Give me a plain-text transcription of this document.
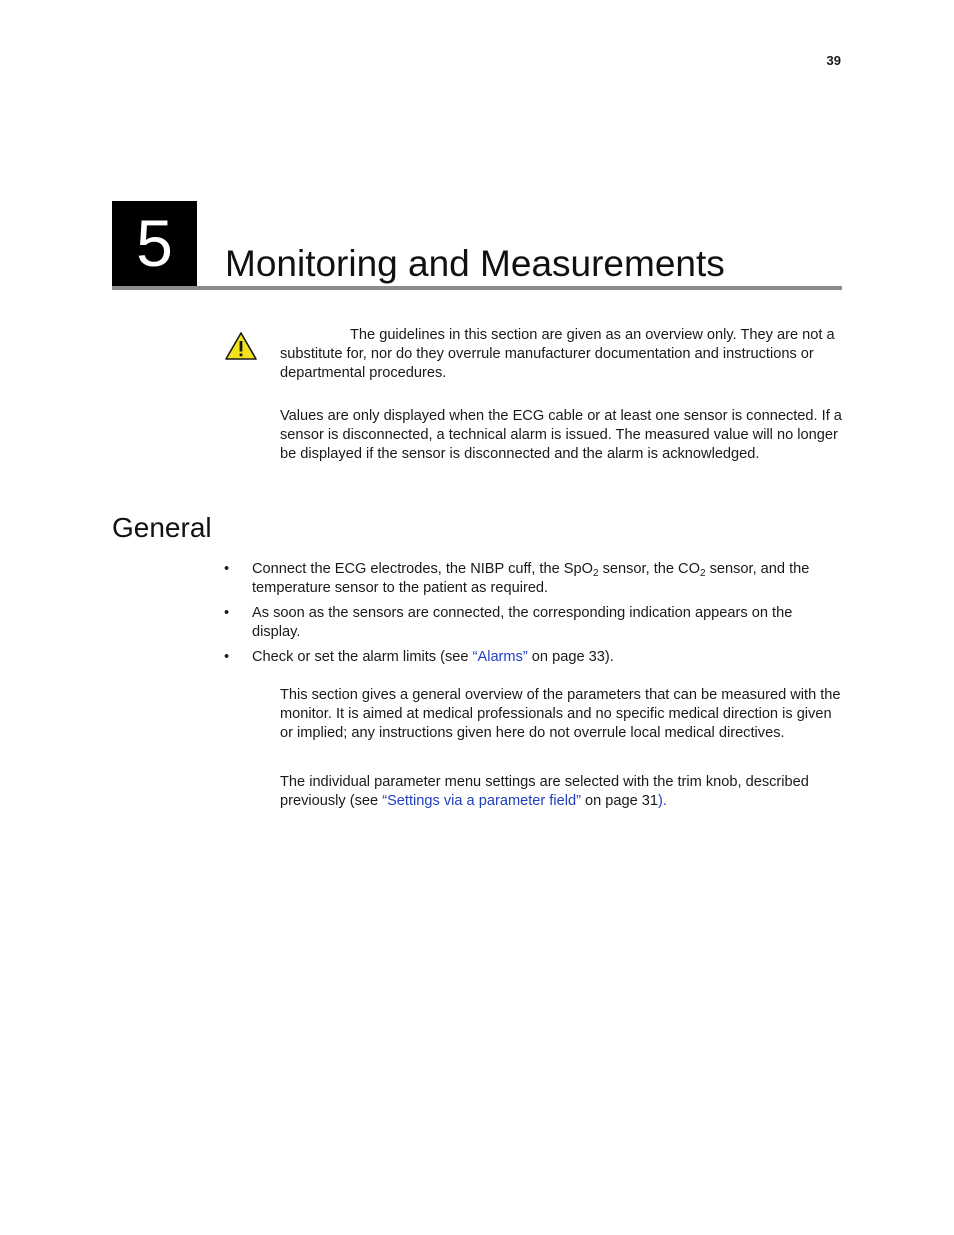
39
5	Monitoring and Measurements
The guidelines in this section are given as an overview only. They are not a substitute for, nor do they overrule manufacturer documentation and instructions or departmental procedures.
Values are only displayed when the ECG cable or at least one sensor is connected. If a sensor is disconnected, a technical alarm is issued. The measured value will no longer be displayed if the sensor is disconnected and the alarm is acknowledged.
General
• Connect the ECG electrodes, the NIBP cuff, the SpO$_2$ sensor, the $CO_2$ sensor, and the temperature sensor to the patient as required.
• As soon as the sensors are connected, the corresponding indication appears on the display.
• Check or set the alarm limits (see “Alarms” on page 33).
This section gives a general overview of the parameters that can be measured with the monitor. It is aimed at medical professionals and no specific medical direction is given or implied; any instructions given here do not overrule local medical directives.
The individual parameter menu settings are selected with the trim knob, described previously (see “Settings via a parameter field” on page 31).
